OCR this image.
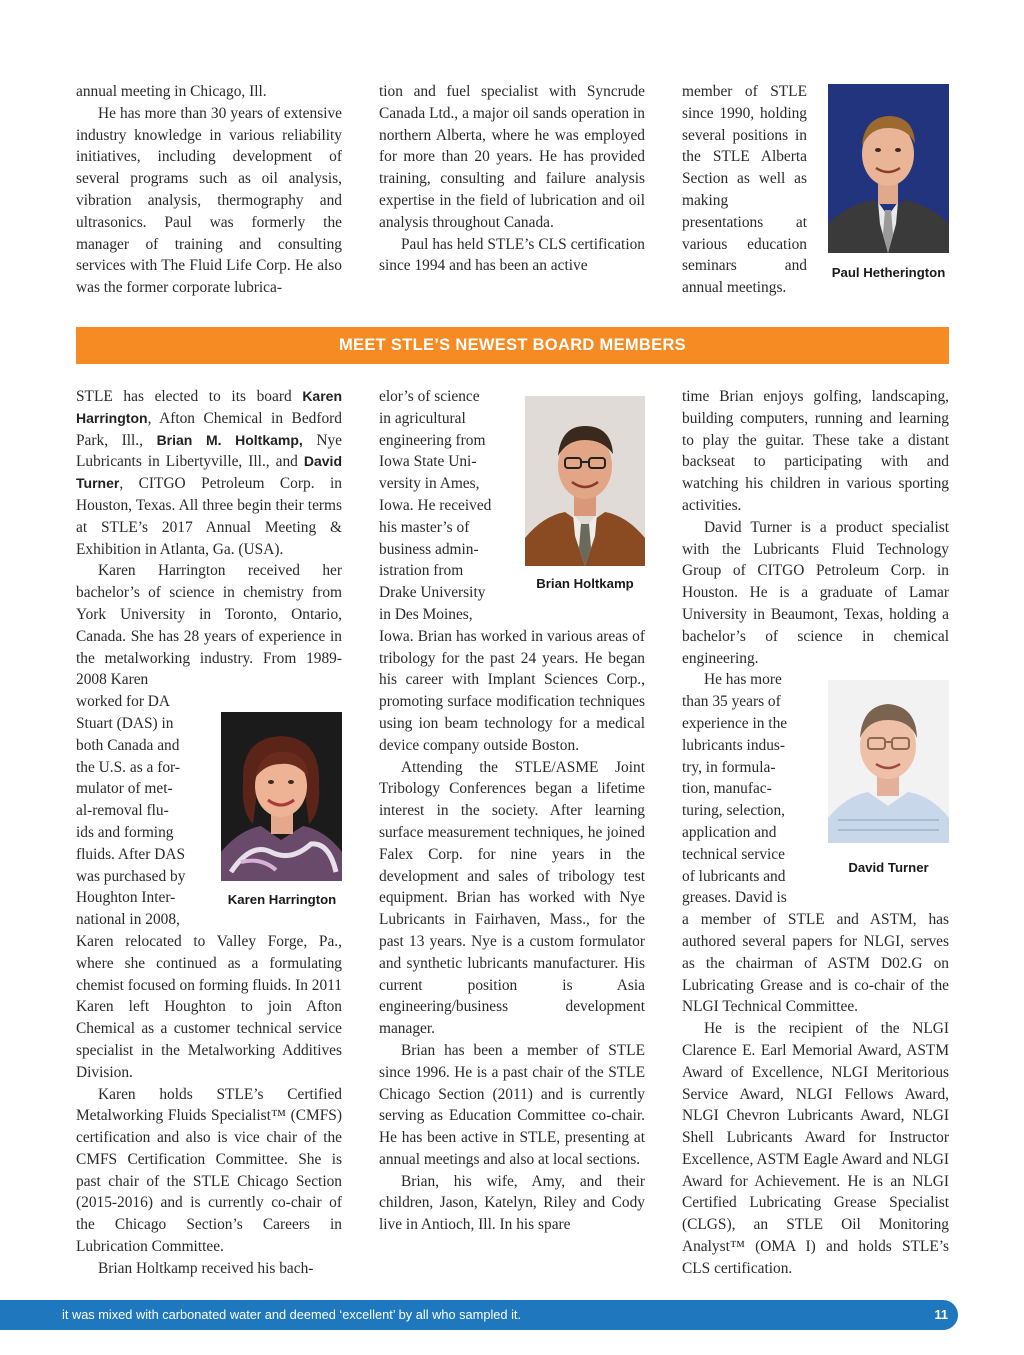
annual meeting in Chicago, Ill.

He has more than 30 years of extensive industry knowledge in various reliability initiatives, including development of several programs such as oil analysis, vibration analysis, thermography and ultrasonics. Paul was formerly the manager of training and consulting services with The Fluid Life Corp. He also was the former corporate lubrica-

tion and fuel specialist with Syncrude Canada Ltd., a major oil sands operation in northern Alberta, where he was employed for more than 20 years. He has provided training, consulting and failure analysis expertise in the field of lubrication and oil analysis throughout Canada.

Paul has held STLE’s CLS certification since 1994 and has been an active

member of STLE since 1990, holding several positions in the STLE Alberta Section as well as making presentations at various education seminars and annual meetings.

Paul Hetherington
MEET STLE’S NEWEST BOARD MEMBERS

STLE has elected to its board Karen Harrington, Afton Chemical in Bedford Park, Ill., Brian M. Holtkamp, Nye Lubricants in Libertyville, Ill., and David Turner, CITGO Petroleum Corp. in Houston, Texas. All three begin their terms at STLE’s 2017 Annual Meeting & Exhibition in Atlanta, Ga. (USA).

Karen Harrington received her bachelor’s of science in chemistry from York University in Toronto, Ontario, Canada. She has 28 years of experience in the metalworking industry. From 1989-2008 Karen

worked for DA

Stuart (DAS) in

both Canada and

the U.S. as a for-

mulator of met-

al-removal flu-

ids and forming

fluids. After DAS

was purchased by

Houghton Inter-

national in 2008,

Karen relocated to Valley Forge, Pa., where she continued as a formulating chemist focused on forming fluids. In 2011 Karen left Houghton to join Afton Chemical as a customer technical service specialist in the Metalworking Additives Division.

Karen holds STLE’s Certified Metalworking Fluids Specialist™ (CMFS) certification and also is vice chair of the CMFS Certification Committee. She is past chair of the STLE Chicago Section (2015-2016) and is currently co-chair of the Chicago Section’s Careers in Lubrication Committee.

Brian Holtkamp received his bach-

Karen Harrington

elor’s of science

in agricultural

engineering from

Iowa State Uni-

versity in Ames,

Iowa. He received

his master’s of

business admin-

istration from

Drake University

in Des Moines,

Iowa. Brian has worked in various areas of tribology for the past 24 years. He began his career with Implant Sciences Corp., promoting surface modification techniques using ion beam technology for a medical device company outside Boston.

Attending the STLE/ASME Joint Tribology Conferences began a lifetime interest in the society. After learning surface measurement techniques, he joined Falex Corp. for nine years in the development and sales of tribology test equipment. Brian has worked with Nye Lubricants in Fairhaven, Mass., for the past 13 years. Nye is a custom formulator and synthetic lubricants manufacturer. His current position is Asia engineering/business development manager.

Brian has been a member of STLE since 1996. He is a past chair of the STLE Chicago Section (2011) and is currently serving as Education Committee co-chair. He has been active in STLE, presenting at annual meetings and also at local sections.

Brian, his wife, Amy, and their children, Jason, Katelyn, Riley and Cody live in Antioch, Ill. In his spare

Brian Holtkamp

time Brian enjoys golfing, landscaping, building computers, running and learning to play the guitar. These take a distant backseat to participating with and watching his children in various sporting activities.

David Turner is a product specialist with the Lubricants Fluid Technology Group of CITGO Petroleum Corp. in Houston. He is a graduate of Lamar University in Beaumont, Texas, holding a bachelor’s of science in chemical engineering.

He has more

than 35 years of

experience in the

lubricants indus-

try, in formula-

tion, manufac-

turing, selection,

application and

technical service

of lubricants and

greases. David is

a member of STLE and ASTM, has authored several papers for NLGI, serves as the chairman of ASTM D02.G on Lubricating Grease and is co-chair of the NLGI Technical Committee.

He is the recipient of the NLGI Clarence E. Earl Memorial Award, ASTM Award of Excellence, NLGI Meritorious Service Award, NLGI Fellows Award, NLGI Chevron Lubricants Award, NLGI Shell Lubricants Award for Instructor Excellence, ASTM Eagle Award and NLGI Award for Achievement. He is an NLGI Certified Lubricating Grease Specialist (CLGS), an STLE Oil Monitoring Analyst™ (OMA I) and holds STLE’s CLS certification.

David Turner
it was mixed with carbonated water and deemed ‘excellent’ by all who sampled it.	11
